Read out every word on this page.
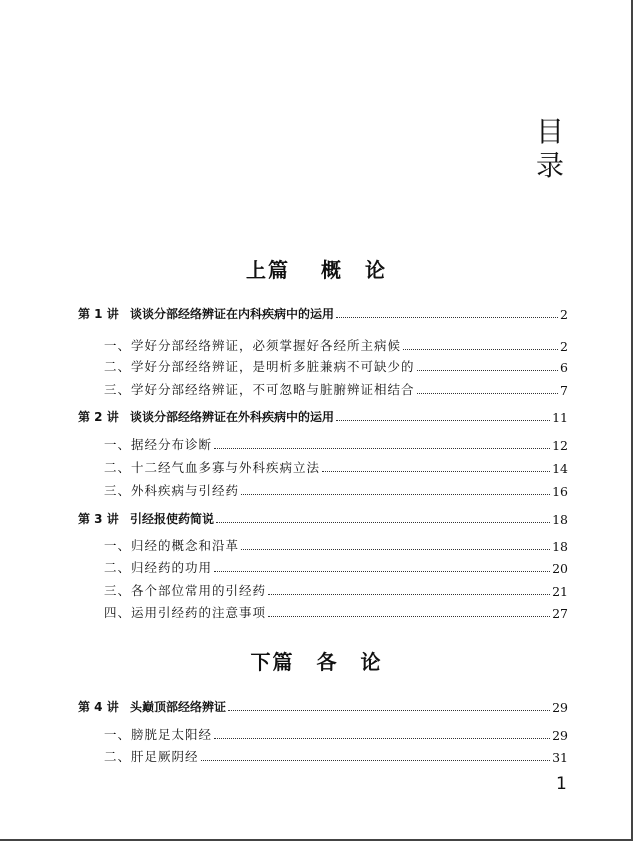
目
录
上篇　 概　论
第 1 讲 谈谈分部经络辨证在内科疾病中的运用	2
一、学好分部经络辨证，必须掌握好各经所主病候	2
二、学好分部经络辨证，是明析多脏兼病不可缺少的	6
三、学好分部经络辨证，不可忽略与脏腑辨证相结合	7
第 2 讲 谈谈分部经络辨证在外科疾病中的运用	11
一、据经分布诊断	12
二、十二经气血多寡与外科疾病立法	14
三、外科疾病与引经药	16
第 3 讲 引经报使药简说	18
一、归经的概念和沿革	18
二、归经药的功用	20
三、各个部位常用的引经药	21
四、运用引经药的注意事项	27
下篇　各　论
第 4 讲 头巅顶部经络辨证	29
一、膀胱足太阳经	29
二、肝足厥阴经	31
1
